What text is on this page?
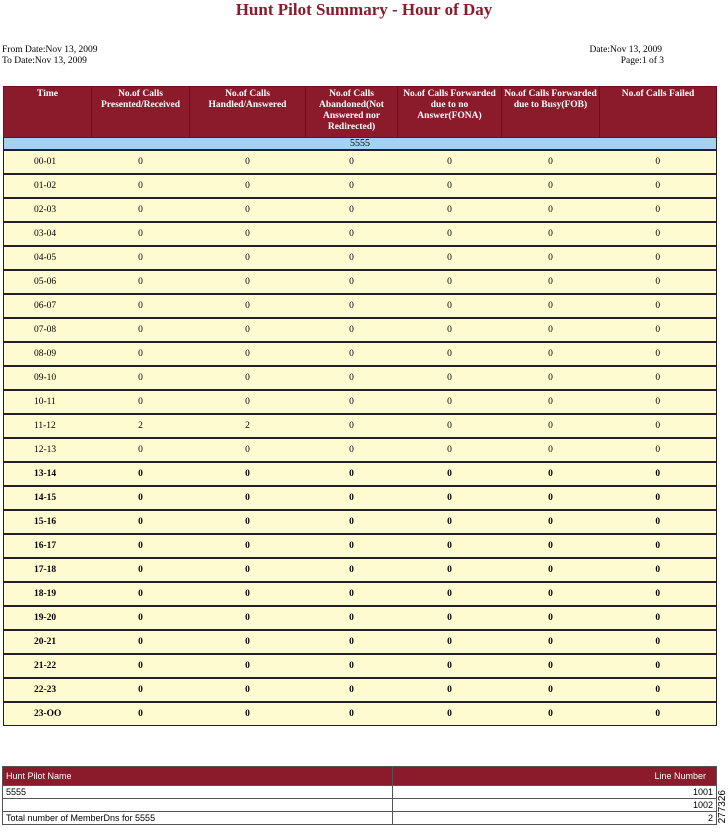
Hunt Pilot Summary - Hour of Day
From Date:Nov 13, 2009
To Date:Nov 13, 2009
Date:Nov 13, 2009
Page:1 of 3
Time	No.of Calls Presented/Received	No.of Calls Handled/Answered	No.of Calls Abandoned(Not Answered nor Redirected)	No.of Calls Forwarded due to no Answer(FONA)	No.of Calls Forwarded due to Busy(FOB)	No.of Calls Failed
5555						
00-01	0	0	0	0	0	0
01-02	0	0	0	0	0	0
02-03	0	0	0	0	0	0
03-04	0	0	0	0	0	0
04-05	0	0	0	0	0	0
05-06	0	0	0	0	0	0
06-07	0	0	0	0	0	0
07-08	0	0	0	0	0	0
08-09	0	0	0	0	0	0
09-10	0	0	0	0	0	0
10-11	0	0	0	0	0	0
11-12	2	2	0	0	0	0
12-13	0	0	0	0	0	0
13-14	0	0	0	0	0	0
14-15	0	0	0	0	0	0
15-16	0	0	0	0	0	0
16-17	0	0	0	0	0	0
17-18	0	0	0	0	0	0
18-19	0	0	0	0	0	0
19-20	0	0	0	0	0	0
20-21	0	0	0	0	0	0
21-22	0	0	0	0	0	0
22-23	0	0	0	0	0	0
23-OO	0	0	0	0	0	0
Hunt Pilot Name	Line Number
5555	1001
	1002
Total number of MemberDns for 5555	2 277326
